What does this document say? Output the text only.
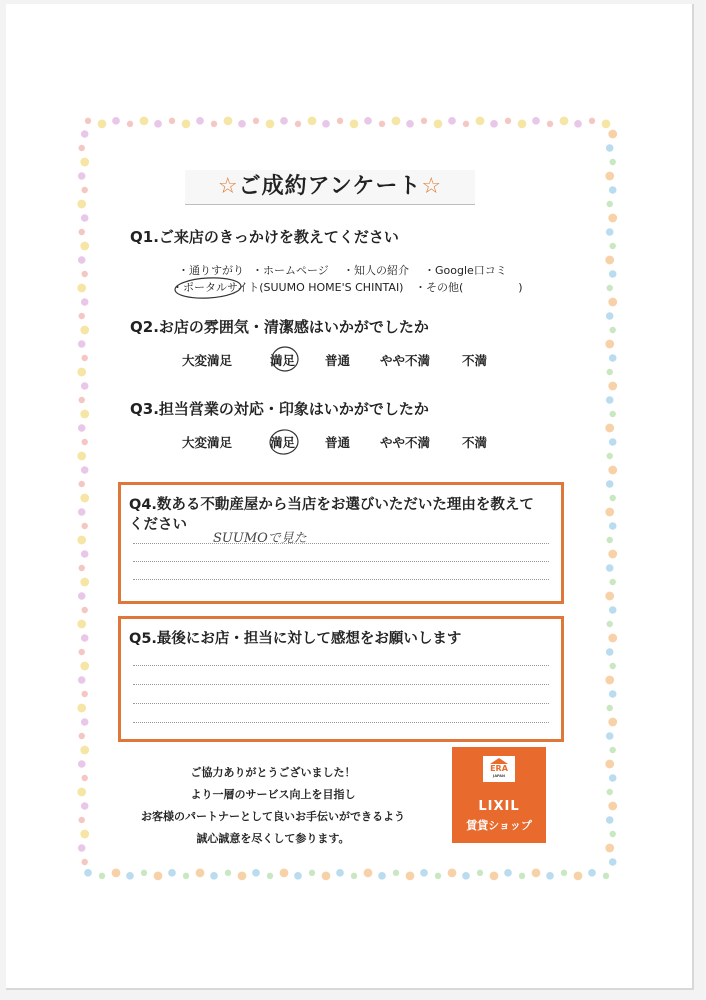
☆ご成約アンケート☆
Q1.ご来店のきっかけを教えてください
・通りすがり ・ホームページ ・知人の紹介 ・Google口コミ
・ポータルサイト(SUUMO HOME'S CHINTAI) ・その他(　　　　　)
Q2.お店の雰囲気・清潔感はいかがでしたか
大変満足	満足 普通 やや不満	不満
Q3.担当営業の対応・印象はいかがでしたか
大変満足	満足 普通 やや不満	不満
Q4.数ある不動産屋から当店をお選びいただいた理由を教えて
ください
SUUMOで見た
Q5.最後にお店・担当に対して感想をお願いします
ご協力ありがとうございました！
より一層のサービス向上を目指し
お客様のパートナーとして良いお手伝いができるよう
誠心誠意を尽くして参ります。
ERA
JAPAN
LIXIL
賃貸ショップ
